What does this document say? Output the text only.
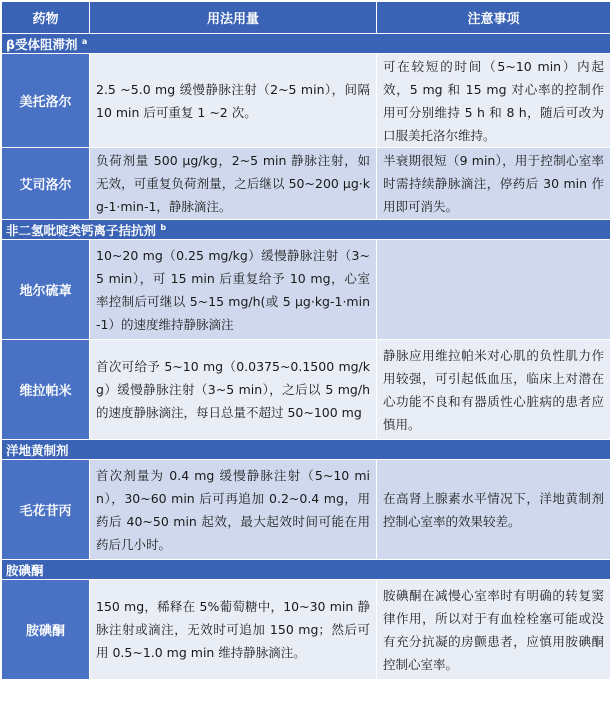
药物	用法用量	注意事项
β受体阻滞剂 $^a$
美托洛尔	2.5 ~5.0 mg 缓慢静脉注射（2~5 min），间隔 10 min 后可重复 1 ~2 次。	可在较短的时间（5~10 min）内起效，5 mg 和 15 mg 对心率的控制作用可分别维持 5 h 和 8 h，随后可改为口服美托洛尔维持。
艾司洛尔	负荷剂量 500 μg/kg，2~5 min 静脉注射，如无效，可重复负荷剂量，之后继以 50~200 μg·kg-1·min-1，静脉滴注。	半衰期很短（9 min），用于控制心室率时需持续静脉滴注，停药后 30 min 作用即可消失。
非二氢吡啶类钙离子拮抗剂 $^b$
地尔硫䓬	10~20 mg（0.25 mg/kg）缓慢静脉注射（3~5 min），可 15 min 后重复给予 10 mg，心室率控制后可继以 5~15 mg/h(或 5 μg·kg-1·min-1）的速度维持静脉滴注	
维拉帕米	首次可给予 5~10 mg（0.0375~0.1500 mg/kg）缓慢静脉注射（3~5 min），之后以 5 mg/h 的速度静脉滴注，每日总量不超过 50~100 mg	静脉应用维拉帕米对心肌的负性肌力作用较强，可引起低血压，临床上对潜在心功能不良和有器质性心脏病的患者应慎用。
洋地黄制剂		
毛花苷丙	首次剂量为 0.4 mg 缓慢静脉注射（5~10 min），30~60 min 后可再追加 0.2~0.4 mg，用药后 40~50 min 起效，最大起效时间可能在用药后几小时。	在高肾上腺素水平情况下，洋地黄制剂控制心室率的效果较差。
胺碘酮		
胺碘酮	150 mg，稀释在 5%葡萄糖中，10~30 min 静脉注射或滴注，无效时可追加 150 mg；然后可用 0.5~1.0 mg min 维持静脉滴注。	胺碘酮在减慢心室率时有明确的转复窦律作用，所以对于有血栓栓塞可能或没有充分抗凝的房颤患者，应慎用胺碘酮控制心室率。
